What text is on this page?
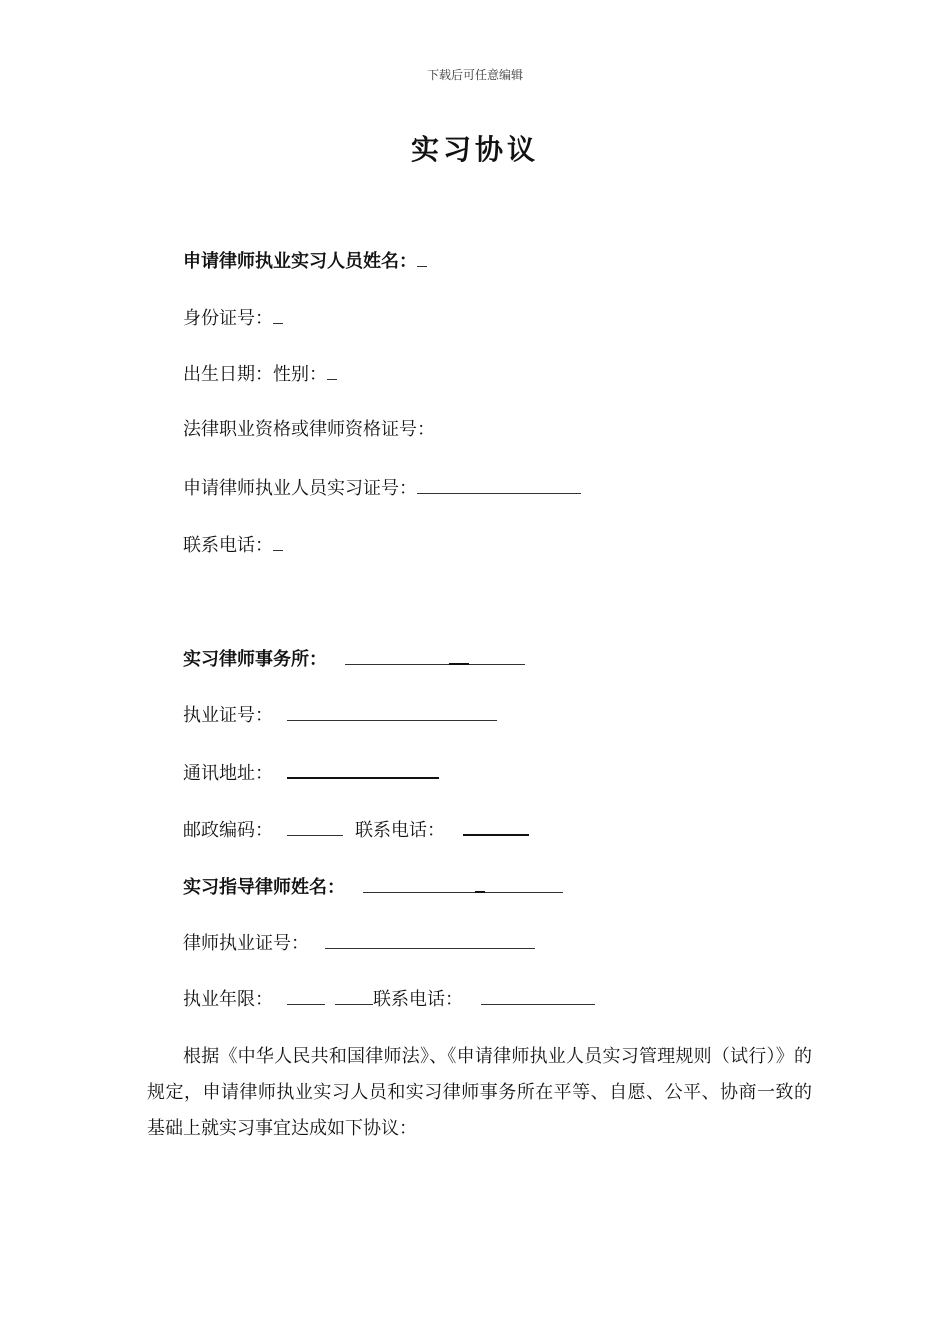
下载后可任意编辑
实习协议

申请律师执业实习人员姓名：

身份证号：

出生日期：性别：

法律职业资格或律师资格证号：

申请律师执业人员实习证号：

联系电话：

实习律师事务所：

执业证号：

通讯地址：

邮政编码：	联系电话：

实习指导律师姓名：

律师执业证号：

执业年限：	联系电话：

根据《中华人民共和国律师法》、《申请律师执业人员实习管理规则（试行）》的规定，申请律师执业实习人员和实习律师事务所在平等、自愿、公平、协商一致的基础上就实习事宜达成如下协议：
